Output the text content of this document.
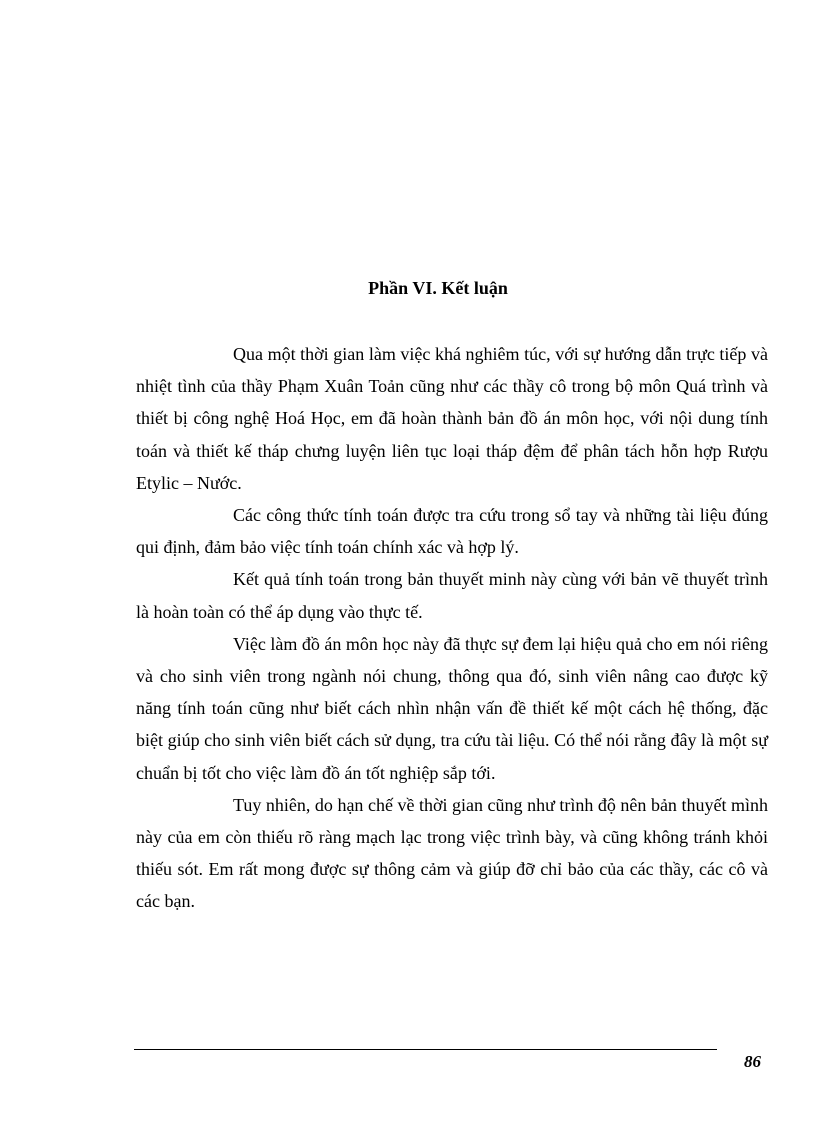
Phần VI. Kết luận

Qua một thời gian làm việc khá nghiêm túc, với sự hướng dẫn trực tiếp và nhiệt tình của thầy Phạm Xuân Toản cũng như các thầy cô trong bộ môn Quá trình và thiết bị công nghệ Hoá Học, em đã hoàn thành bản đồ án môn học, với nội dung tính toán và thiết kế tháp chưng luyện liên tục loại tháp đệm để phân tách hỗn hợp Rượu Etylic – Nước.

Các công thức tính toán được tra cứu trong sổ tay và những tài liệu đúng qui định, đảm bảo việc tính toán chính xác và hợp lý.

Kết quả tính toán trong bản thuyết minh này cùng với bản vẽ thuyết trình là hoàn toàn có thể áp dụng vào thực tế.

Việc làm đồ án môn học này đã thực sự đem lại hiệu quả cho em nói riêng và cho sinh viên trong ngành nói chung, thông qua đó, sinh viên nâng cao được kỹ năng tính toán cũng như biết cách nhìn nhận vấn đề thiết kế một cách hệ thống, đặc biệt giúp cho sinh viên biết cách sử dụng, tra cứu tài liệu. Có thể nói rằng đây là một sự chuẩn bị tốt cho việc làm đồ án tốt nghiệp sắp tới.

Tuy nhiên, do hạn chế về thời gian cũng như trình độ nên bản thuyết mình này của em còn thiếu rõ ràng mạch lạc trong việc trình bày, và cũng không tránh khỏi thiếu sót. Em rất mong được sự thông cảm và giúp đỡ chỉ bảo của các thầy, các cô và các bạn.

86
